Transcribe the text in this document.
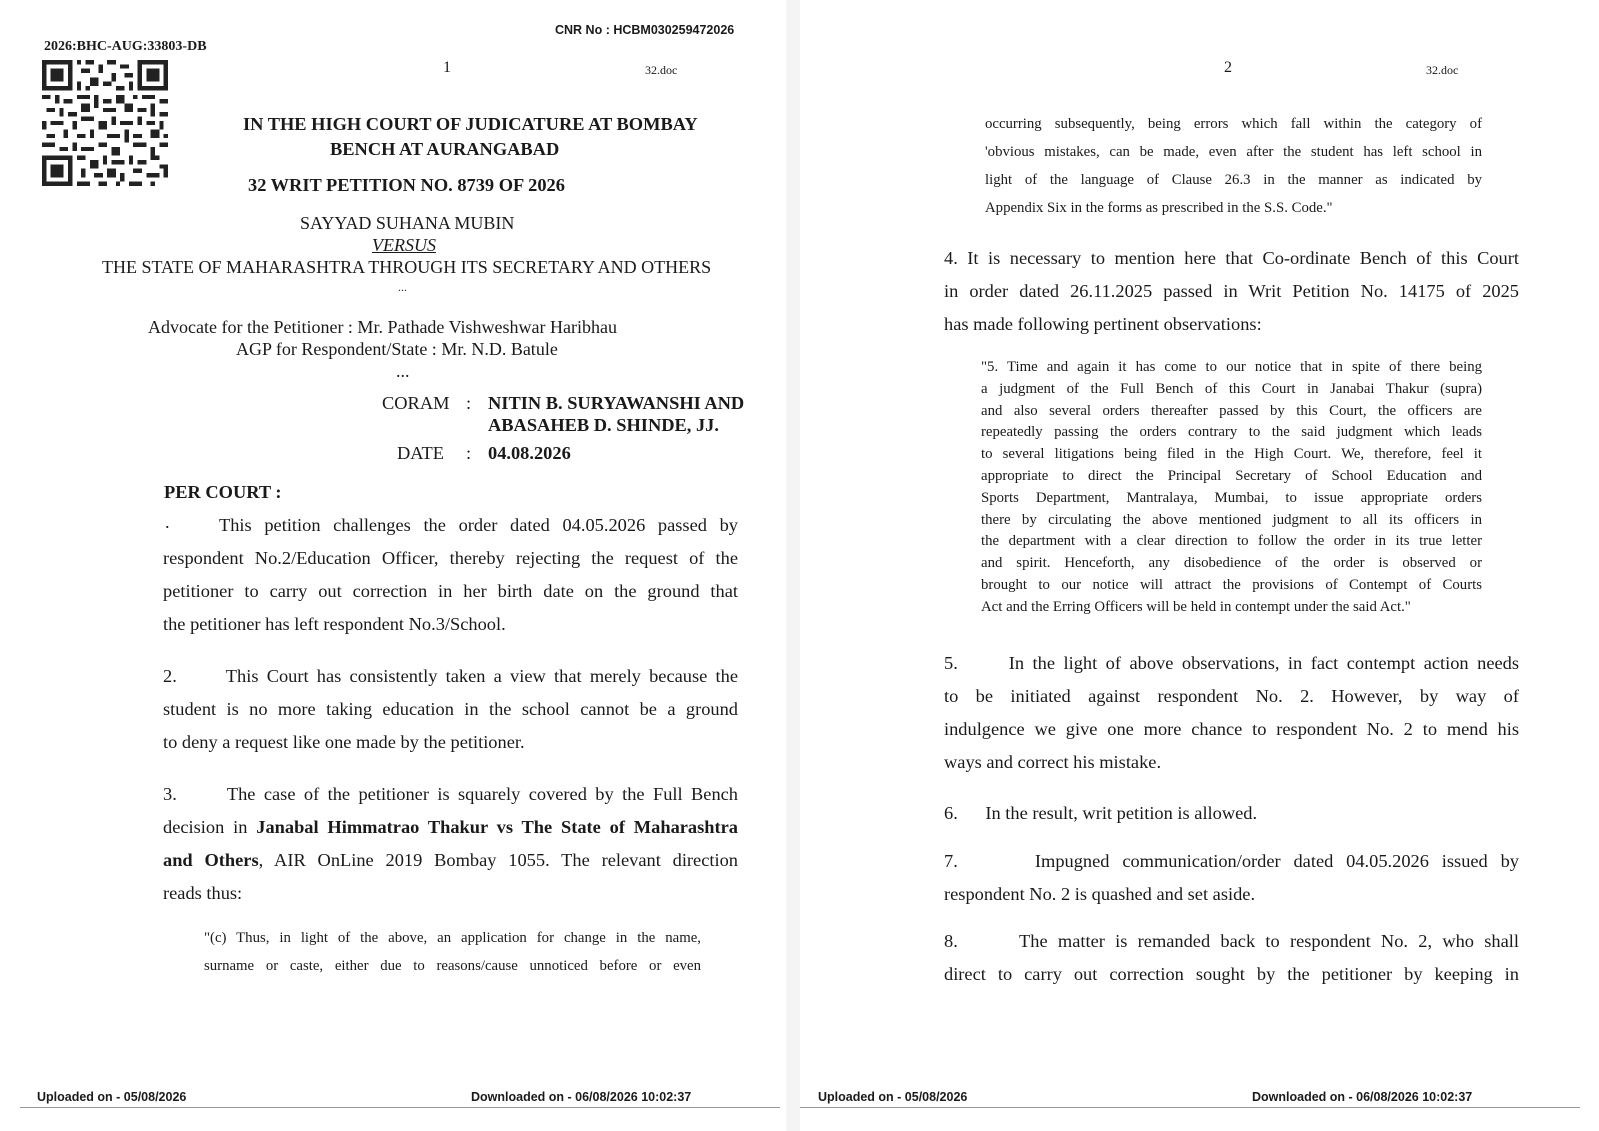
CNR No : HCBM030259472026
2026:BHC-AUG:33803-DB
1	32.doc
IN THE HIGH COURT OF JUDICATURE AT BOMBAY
BENCH AT AURANGABAD
32 WRIT PETITION NO. 8739 OF 2026
SAYYAD SUHANA MUBIN
VERSUS
THE STATE OF MAHARASHTRA THROUGH ITS SECRETARY AND OTHERS
...
Advocate for the Petitioner : Mr. Pathade Vishweshwar Haribhau
AGP for Respondent/State : Mr. N.D. Batule
...
CORAM : NITIN B. SURYAWANSHI AND
ABASAHEB D. SHINDE, JJ.
DATE : 04.08.2026
PER COURT :
.	This petition challenges the order dated 04.05.2026 passed by
respondent No.2/Education Officer, thereby rejecting the request of the
petitioner to carry out correction in her birth date on the ground that
the petitioner has left respondent No.3/School.
2.      This Court has consistently taken a view that merely because the
student is no more taking education in the school cannot be a ground
to deny a request like one made by the petitioner.
3.      The case of the petitioner is squarely covered by the Full Bench
decision in Janabal Himmatrao Thakur vs The State of Maharashtra
and Others, AIR OnLine 2019 Bombay 1055. The relevant direction
reads thus:
"(c) Thus, in light of the above, an application for change in the name,
surname or caste, either due to reasons/cause unnoticed before or even
Uploaded on - 05/08/2026	Downloaded on - 06/08/2026 10:02:37
2	32.doc
occurring subsequently, being errors which fall within the category of
'obvious mistakes, can be made, even after the student has left school in
light of the language of Clause 26.3 in the manner as indicated by
Appendix Six in the forms as prescribed in the S.S. Code."
4. It is necessary to mention here that Co-ordinate Bench of this Court
in order dated 26.11.2025 passed in Writ Petition No. 14175 of 2025
has made following pertinent observations:
"5. Time and again it has come to our notice that in spite of there being
a judgment of the Full Bench of this Court in Janabai Thakur (supra)
and also several orders thereafter passed by this Court, the officers are
repeatedly passing the orders contrary to the said judgment which leads
to several litigations being filed in the High Court. We, therefore, feel it
appropriate to direct the Principal Secretary of School Education and
Sports Department, Mantralaya, Mumbai, to issue appropriate orders
there by circulating the above mentioned judgment to all its officers in
the department with a clear direction to follow the order in its true letter
and spirit. Henceforth, any disobedience of the order is observed or
brought to our notice will attract the provisions of Contempt of Courts
Act and the Erring Officers will be held in contempt under the said Act."
5.      In the light of above observations, in fact contempt action needs
to be initiated against respondent No. 2. However, by way of
indulgence we give one more chance to respondent No. 2 to mend his
ways and correct his mistake.
6.      In the result, writ petition is allowed.
7.      Impugned communication/order dated 04.05.2026 issued by
respondent No. 2 is quashed and set aside.
8.      The matter is remanded back to respondent No. 2, who shall
direct to carry out correction sought by the petitioner by keeping in
Uploaded on - 05/08/2026	Downloaded on - 06/08/2026 10:02:37
